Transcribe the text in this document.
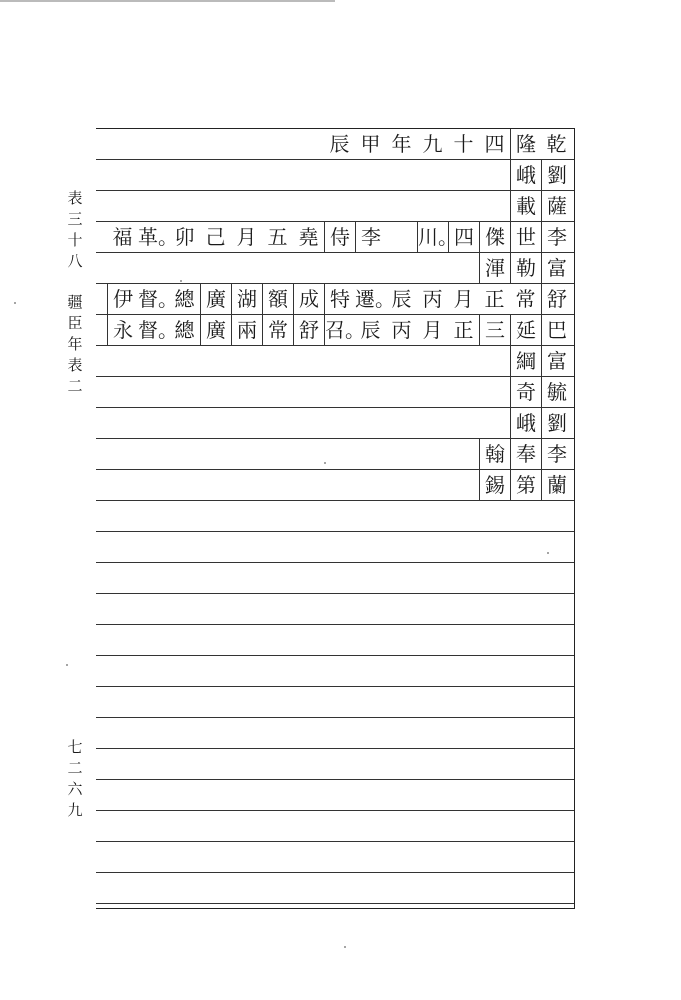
表
三
十
八
疆
臣
年
表
二
七
二
六
九
乾
隆
四
十
九
年
甲
辰
劉
峨
薩
載
李
世
傑
四
川。
李
侍
堯
五
月
己
卯
革。
福
富
勒
渾
舒
常
正
月
丙
辰
遷。
特
成
額
湖
廣
總
督。
伊
巴
延
三
正
月
丙
辰
召。
舒
常
兩
廣
總
督。
永
富
綱
毓
奇
劉
峨
李
奉
翰
蘭
第
錫
